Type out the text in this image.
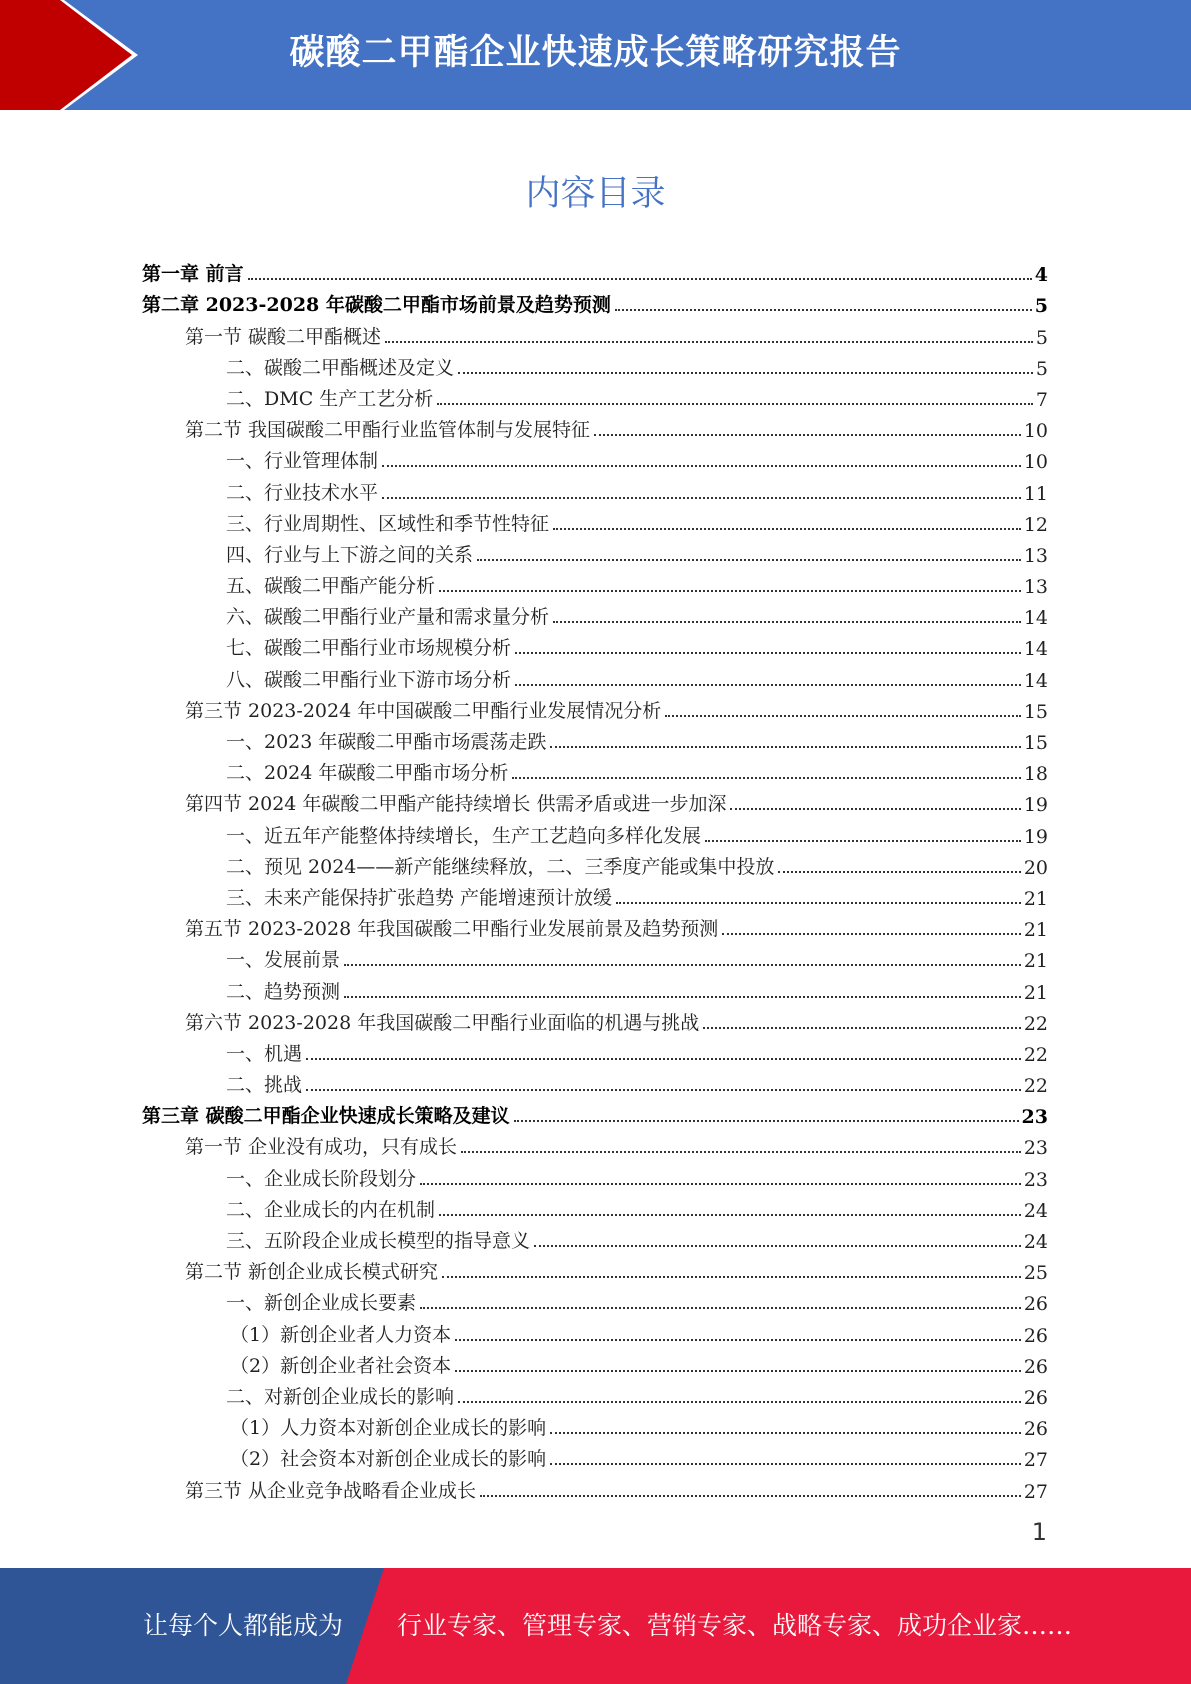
碳酸二甲酯企业快速成长策略研究报告
内容目录
第一章 前言	4
第二章 2023-2028 年碳酸二甲酯市场前景及趋势预测	5
第一节 碳酸二甲酯概述	5
二、碳酸二甲酯概述及定义	5
二、DMC 生产工艺分析	7
第二节 我国碳酸二甲酯行业监管体制与发展特征	10
一、行业管理体制	10
二、行业技术水平	11
三、行业周期性、区域性和季节性特征	12
四、行业与上下游之间的关系	13
五、碳酸二甲酯产能分析	13
六、碳酸二甲酯行业产量和需求量分析	14
七、碳酸二甲酯行业市场规模分析	14
八、碳酸二甲酯行业下游市场分析	14
第三节 2023-2024 年中国碳酸二甲酯行业发展情况分析	15
一、2023 年碳酸二甲酯市场震荡走跌	15
二、2024 年碳酸二甲酯市场分析	18
第四节 2024 年碳酸二甲酯产能持续增长 供需矛盾或进一步加深	19
一、近五年产能整体持续增长，生产工艺趋向多样化发展	19
二、预见 2024——新产能继续释放，二、三季度产能或集中投放	20
三、未来产能保持扩张趋势 产能增速预计放缓	21
第五节 2023-2028 年我国碳酸二甲酯行业发展前景及趋势预测	21
一、发展前景	21
二、趋势预测	21
第六节 2023-2028 年我国碳酸二甲酯行业面临的机遇与挑战	22
一、机遇	22
二、挑战	22
第三章 碳酸二甲酯企业快速成长策略及建议	23
第一节 企业没有成功，只有成长	23
一、企业成长阶段划分	23
二、企业成长的内在机制	24
三、五阶段企业成长模型的指导意义	24
第二节 新创企业成长模式研究	25
一、新创企业成长要素	26
（1）新创企业者人力资本	26
（2）新创企业者社会资本	26
二、对新创企业成长的影响	26
（1）人力资本对新创企业成长的影响	26
（2）社会资本对新创企业成长的影响	27
第三节 从企业竞争战略看企业成长	27
1
让每个人都能成为 行业专家、管理专家、营销专家、战略专家、成功企业家……
